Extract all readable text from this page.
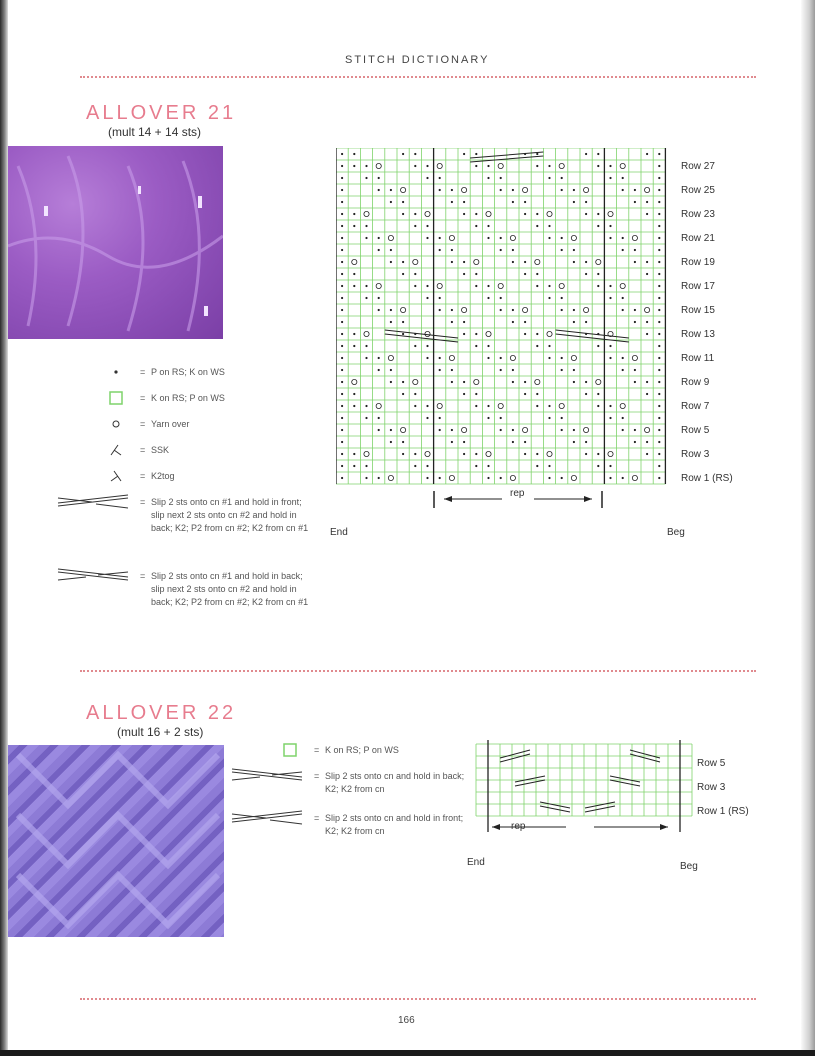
STITCH DICTIONARY
ALLOVER 21
(mult 14 + 14 sts)
= P on RS; K on WS
= K on RS; P on WS
= Yarn over
= SSK
= K2tog
= Slip 2 sts onto cn #1 and hold in front; slip next 2 sts onto cn #2 and hold in back; K2; P2 from cn #2; K2 from cn #1
= Slip 2 sts onto cn #1 and hold in back; slip next 2 sts onto cn #2 and hold in back; K2; P2 from cn #2; K2 from cn #1
Row 27
Row 25
Row 23
Row 21
Row 19
Row 17
Row 15
Row 13
Row 11
Row 9
Row 7
Row 5
Row 3
Row 1 (RS)
rep
End	Beg
ALLOVER 22
(mult 16 + 2 sts)
= K on RS; P on WS
= Slip 2 sts onto cn and hold in back; K2; K2 from cn
= Slip 2 sts onto cn and hold in front; K2; K2 from cn
Row 5
Row 3
Row 1 (RS)
rep
End	Beg
166
